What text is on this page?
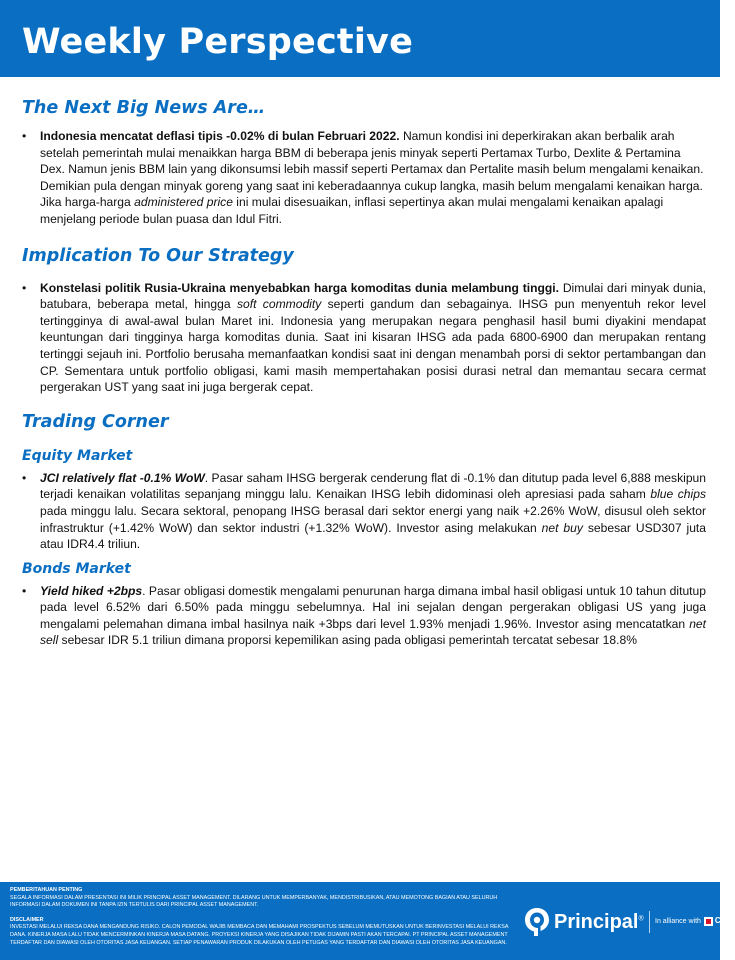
Weekly Perspective
The Next Big News Are…
• Indonesia mencatat deflasi tipis -0.02% di bulan Februari 2022. Namun kondisi ini deperkirakan akan berbalik arah setelah pemerintah mulai menaikkan harga BBM di beberapa jenis minyak seperti Pertamax Turbo, Dexlite & Pertamina Dex. Namun jenis BBM lain yang dikonsumsi lebih massif seperti Pertamax dan Pertalite masih belum mengalami kenaikan. Demikian pula dengan minyak goreng yang saat ini keberadaannya cukup langka, masih belum mengalami kenaikan harga. Jika harga-harga administered price ini mulai disesuaikan, inflasi sepertinya akan mulai mengalami kenaikan apalagi menjelang periode bulan puasa dan Idul Fitri.
Implication To Our Strategy
• Konstelasi politik Rusia-Ukraina menyebabkan harga komoditas dunia melambung tinggi. Dimulai dari minyak dunia, batubara, beberapa metal, hingga soft commodity seperti gandum dan sebagainya. IHSG pun menyentuh rekor level tertingginya di awal-awal bulan Maret ini. Indonesia yang merupakan negara penghasil hasil bumi diyakini mendapat keuntungan dari tingginya harga komoditas dunia. Saat ini kisaran IHSG ada pada 6800-6900 dan merupakan rentang tertinggi sejauh ini. Portfolio berusaha memanfaatkan kondisi saat ini dengan menambah porsi di sektor pertambangan dan CP. Sementara untuk portfolio obligasi, kami masih mempertahakan posisi durasi netral dan memantau secara cermat pergerakan UST yang saat ini juga bergerak cepat.
Trading Corner
Equity Market
• JCI relatively flat -0.1% WoW. Pasar saham IHSG bergerak cenderung flat di -0.1% dan ditutup pada level 6,888 meskipun terjadi kenaikan volatilitas sepanjang minggu lalu. Kenaikan IHSG lebih didominasi oleh apresiasi pada saham blue chips pada minggu lalu. Secara sektoral, penopang IHSG berasal dari sektor energi yang naik +2.26% WoW, disusul oleh sektor infrastruktur (+1.42% WoW) dan sektor industri (+1.32% WoW). Investor asing melakukan net buy sebesar USD307 juta atau IDR4.4 triliun.
Bonds Market
• Yield hiked +2bps. Pasar obligasi domestik mengalami penurunan harga dimana imbal hasil obligasi untuk 10 tahun ditutup pada level 6.52% dari 6.50% pada minggu sebelumnya. Hal ini sejalan dengan pergerakan obligasi US yang juga mengalami pelemahan dimana imbal hasilnya naik +3bps dari level 1.93% menjadi 1.96%. Investor asing mencatatkan net sell sebesar IDR 5.1 triliun dimana proporsi kepemilikan asing pada obligasi pemerintah tercatat sebesar 18.8%
PEMBERITAHUAN PENTING
SEGALA INFORMASI DALAM PRESENTASI INI MILIK PRINCIPAL ASSET MANAGEMENT. DILARANG UNTUK MEMPERBANYAK, MENDISTRIBUSIKAN, ATAU MEMOTONG BAGIAN ATAU SELURUH INFORMASI DALAM DOKUMEN INI TANPA IZIN TERTULIS DARI PRINCIPAL ASSET MANAGEMENT.
DISCLAIMER
INVESTASI MELALUI REKSA DANA MENGANDUNG RISIKO. CALON PEMODAL WAJIB MEMBACA DAN MEMAHAMI PROSPEKTUS SEBELUM MEMUTUSKAN UNTUK BERINVESTASI MELALUI REKSA DANA. KINERJA MASA LALU TIDAK MENCERMINKAN KINERJA MASA DATANG. PROYEKSI KINERJA YANG DISAJIKAN TIDAK DIJAMIN PASTI AKAN TERCAPAI. PT PRINCIPAL ASSET MANAGEMENT TERDAFTAR DAN DIAWASI OLEH OTORITAS JASA KEUANGAN. SETIAP PENAWARAN PRODUK DILAKUKAN OLEH PETUGAS YANG TERDAFTAR DAN DIAWASI OLEH OTORITAS JASA KEUANGAN.
Principal® In alliance with CIMB
